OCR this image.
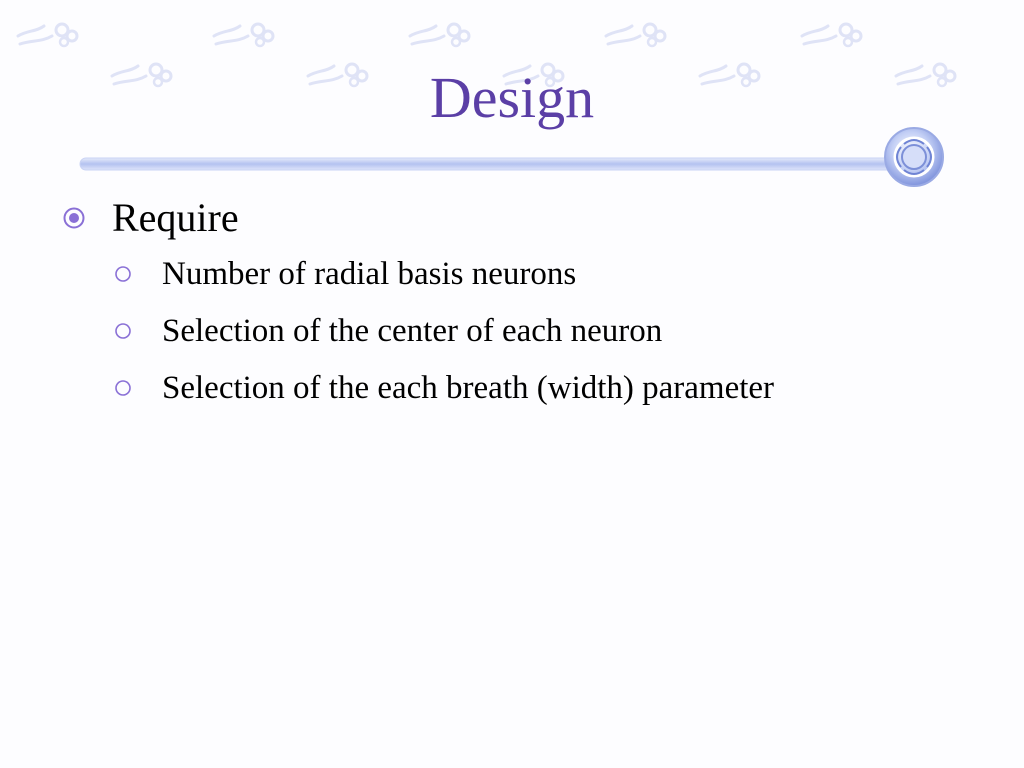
Design
Require
Number of radial basis neurons
Selection of the center of each neuron
Selection of the each breath (width) parameter
